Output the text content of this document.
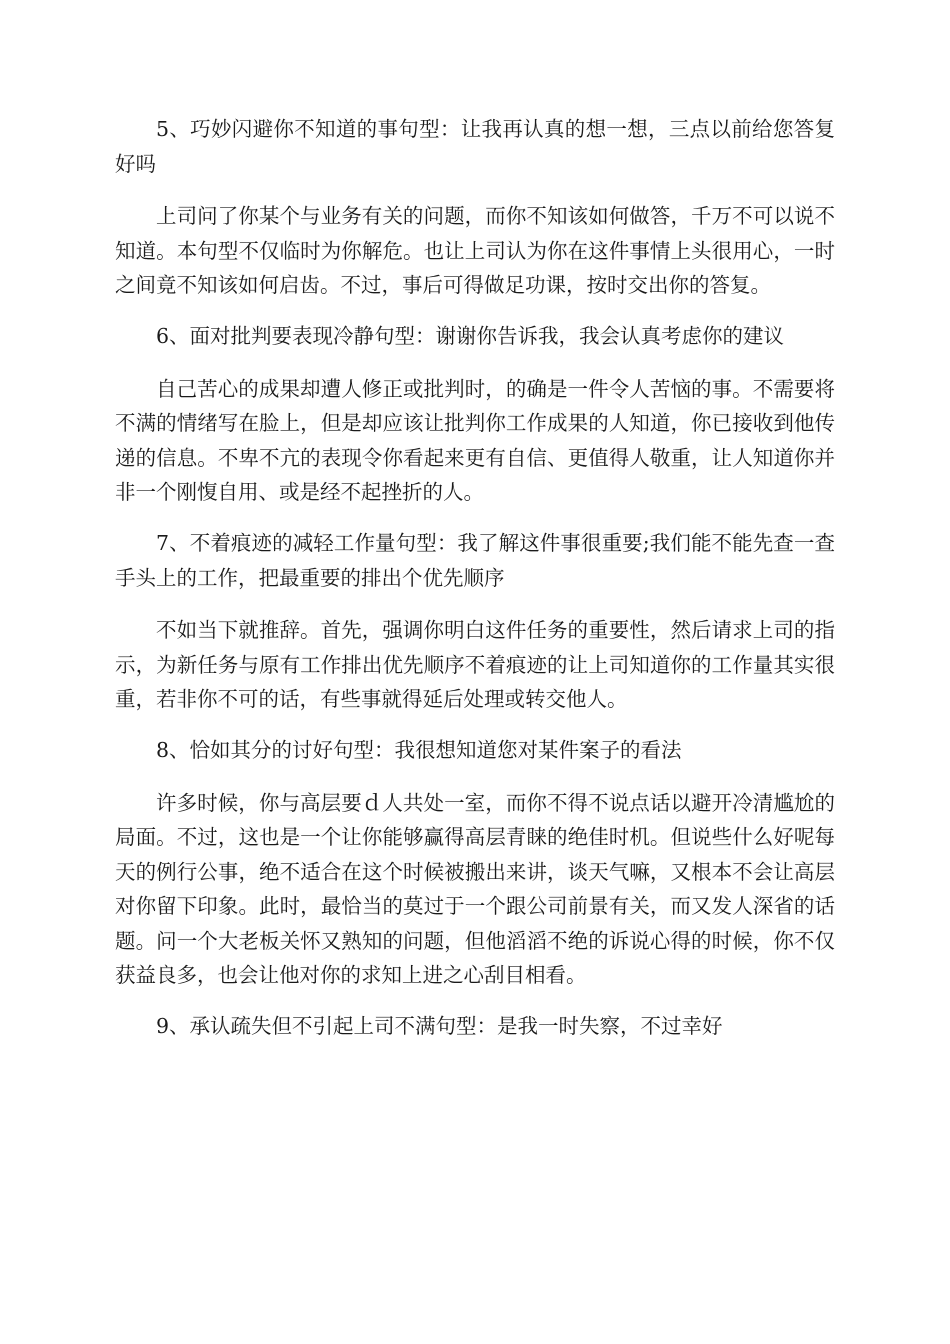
5、巧妙闪避你不知道的事句型：让我再认真的想一想，三点以前给您答复好吗

上司问了你某个与业务有关的问题，而你不知该如何做答，千万不可以说不知道。本句型不仅临时为你解危。也让上司认为你在这件事情上头很用心，一时之间竟不知该如何启齿。不过，事后可得做足功课，按时交出你的答复。

6、面对批判要表现冷静句型：谢谢你告诉我，我会认真考虑你的建议

自己苦心的成果却遭人修正或批判时，的确是一件令人苦恼的事。不需要将不满的情绪写在脸上，但是却应该让批判你工作成果的人知道，你已接收到他传递的信息。不卑不亢的表现令你看起来更有自信、更值得人敬重，让人知道你并非一个刚愎自用、或是经不起挫折的人。

7、不着痕迹的减轻工作量句型：我了解这件事很重要;我们能不能先查一查手头上的工作，把最重要的排出个优先顺序

不如当下就推辞。首先，强调你明白这件任务的重要性，然后请求上司的指示，为新任务与原有工作排出优先顺序不着痕迹的让上司知道你的工作量其实很重，若非你不可的话，有些事就得延后处理或转交他人。

8、恰如其分的讨好句型：我很想知道您对某件案子的看法

许多时候，你与高层要ｄ人共处一室，而你不得不说点话以避开冷清尴尬的局面。不过，这也是一个让你能够赢得高层青睐的绝佳时机。但说些什么好呢每天的例行公事，绝不适合在这个时候被搬出来讲，谈天气嘛，又根本不会让高层对你留下印象。此时，最恰当的莫过于一个跟公司前景有关，而又发人深省的话题。问一个大老板关怀又熟知的问题，但他滔滔不绝的诉说心得的时候，你不仅获益良多，也会让他对你的求知上进之心刮目相看。

9、承认疏失但不引起上司不满句型：是我一时失察，不过幸好
